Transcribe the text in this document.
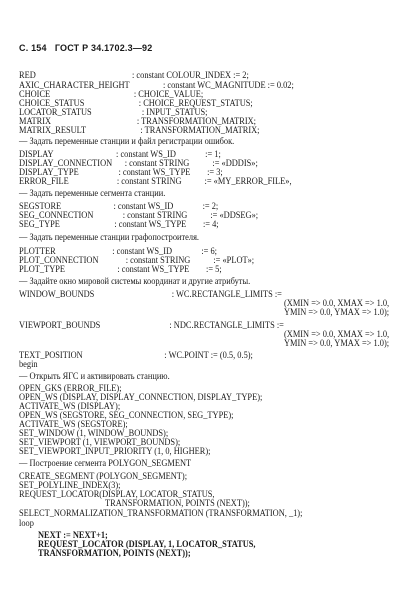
С. 154 ГОСТ Р 34.1702.3—92
RED                                              : constant COLOUR_INDEX := 2;
AXIC_CHARACTER_HEIGHT                : constant WC_MAGNITUDE := 0.02;
CHOICE                                        : CHOICE_VALUE;
CHOICE_STATUS                          : CHOICE_REQUEST_STATUS;
LOCATOR_STATUS                        : INPUT_STATUS;
MATRIX                                         : TRANSFORMATION_MATRIX;
MATRIX_RESULT                          : TRANSFORMATION_MATRIX;
— Задать переменные станции и файл регистрации ошибок.
DISPLAY                              : constant WS_ID              := 1;
DISPLAY_CONNECTION      : constant STRING           := «DDDIS»;
DISPLAY_TYPE                   : constant WS_TYPE        := 3;
ERROR_FILE                       : constant STRING           := «MY_ERROR_FILE»,
— Задать переменные сегмента станции.
SEGSTORE                         : constant WS_ID              := 2;
SEG_CONNECTION              : constant STRING           := «DDSEG»;
SEG_TYPE                          : constant WS_TYPE        := 4;
— Задать переменные станции графопостроителя.
PLOTTER                           : constant WS_ID              := 6;
PLOT_CONNECTION             : constant STRING           := «PLOT»;
PLOT_TYPE                         : constant WS_TYPE        := 5;
— Задайте окно мировой системы координат и другие атрибуты.
WINDOW_BOUNDS                                     : WC.RECTANGLE_LIMITS :=
(XMIN => 0.0, XMAX => 1.0,
YMIN => 0.0, YMAX => 1.0);
VIEWPORT_BOUNDS                                 : NDC.RECTANGLE_LIMITS :=
(XMIN => 0.0, XMAX => 1.0,
YMIN => 0.0, YMAX => 1.0);
TEXT_POSITION                                       : WC.POINT := (0.5, 0.5);
begin
— Открыть ЯГС и активировать станцию.
OPEN_GKS (ERROR_FILE);
OPEN_WS (DISPLAY, DISPLAY_CONNECTION, DISPLAY_TYPE);
ACTIVATE_WS (DISPLAY);
OPEN_WS (SEGSTORE, SEG_CONNECTION, SEG_TYPE);
ACTIVATE_WS (SEGSTORE);
SET_WINDOW (1, WINDOW_BOUNDS);
SET_VIEWPORT (1, VIEWPORT_BOUNDS);
SET_VIEWPORT_INPUT_PRIORITY (1, 0, HIGHER);
— Построение сегмента POLYGON_SEGMENT
CREATE_SEGMENT (POLYGON_SEGMENT);
SET_POLYLINE_INDEX(3);
REQUEST_LOCATOR(DISPLAY, LOCATOR_STATUS,
TRANSFORMATION, POINTS (NEXT));
SELECT_NORMALIZATION_TRANSFORMATION (TRANSFORMATION, _1);
loop
NEXT := NEXT+1;
REQUEST_LOCATOR (DISPLAY, 1, LOCATOR_STATUS,
TRANSFORMATION, POINTS (NEXT));
